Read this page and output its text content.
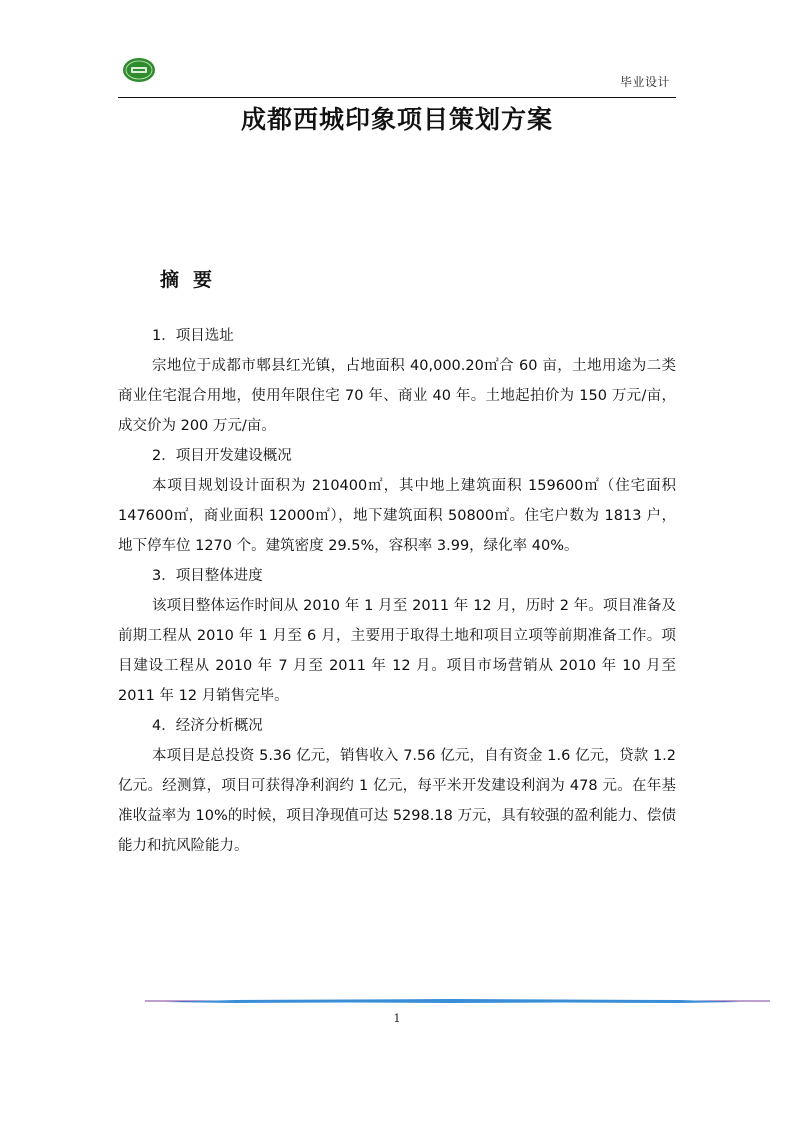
毕业设计
成都西城印象项目策划方案
摘要

1．项目选址

宗地位于成都市郫县红光镇，占地面积 40,000.20㎡合 60 亩，土地用途为二类商业住宅混合用地，使用年限住宅 70 年、商业 40 年。土地起拍价为 150 万元/亩，成交价为 200 万元/亩。

2．项目开发建设概况

本项目规划设计面积为 210400㎡，其中地上建筑面积 159600㎡（住宅面积 147600㎡，商业面积 12000㎡），地下建筑面积 50800㎡。住宅户数为 1813 户，地下停车位 1270 个。建筑密度 29.5%，容积率 3.99，绿化率 40%。

3．项目整体进度

该项目整体运作时间从 2010 年 1 月至 2011 年 12 月，历时 2 年。项目准备及前期工程从 2010 年 1 月至 6 月，主要用于取得土地和项目立项等前期准备工作。项目建设工程从 2010 年 7 月至 2011 年 12 月。项目市场营销从 2010 年 10 月至 2011 年 12 月销售完毕。

4．经济分析概况

本项目是总投资 5.36 亿元，销售收入 7.56 亿元，自有资金 1.6 亿元，贷款 1.2 亿元。经测算，项目可获得净利润约 1 亿元，每平米开发建设利润为 478 元。在年基准收益率为 10%的时候，项目净现值可达 5298.18 万元，具有较强的盈利能力、偿债能力和抗风险能力。

1
